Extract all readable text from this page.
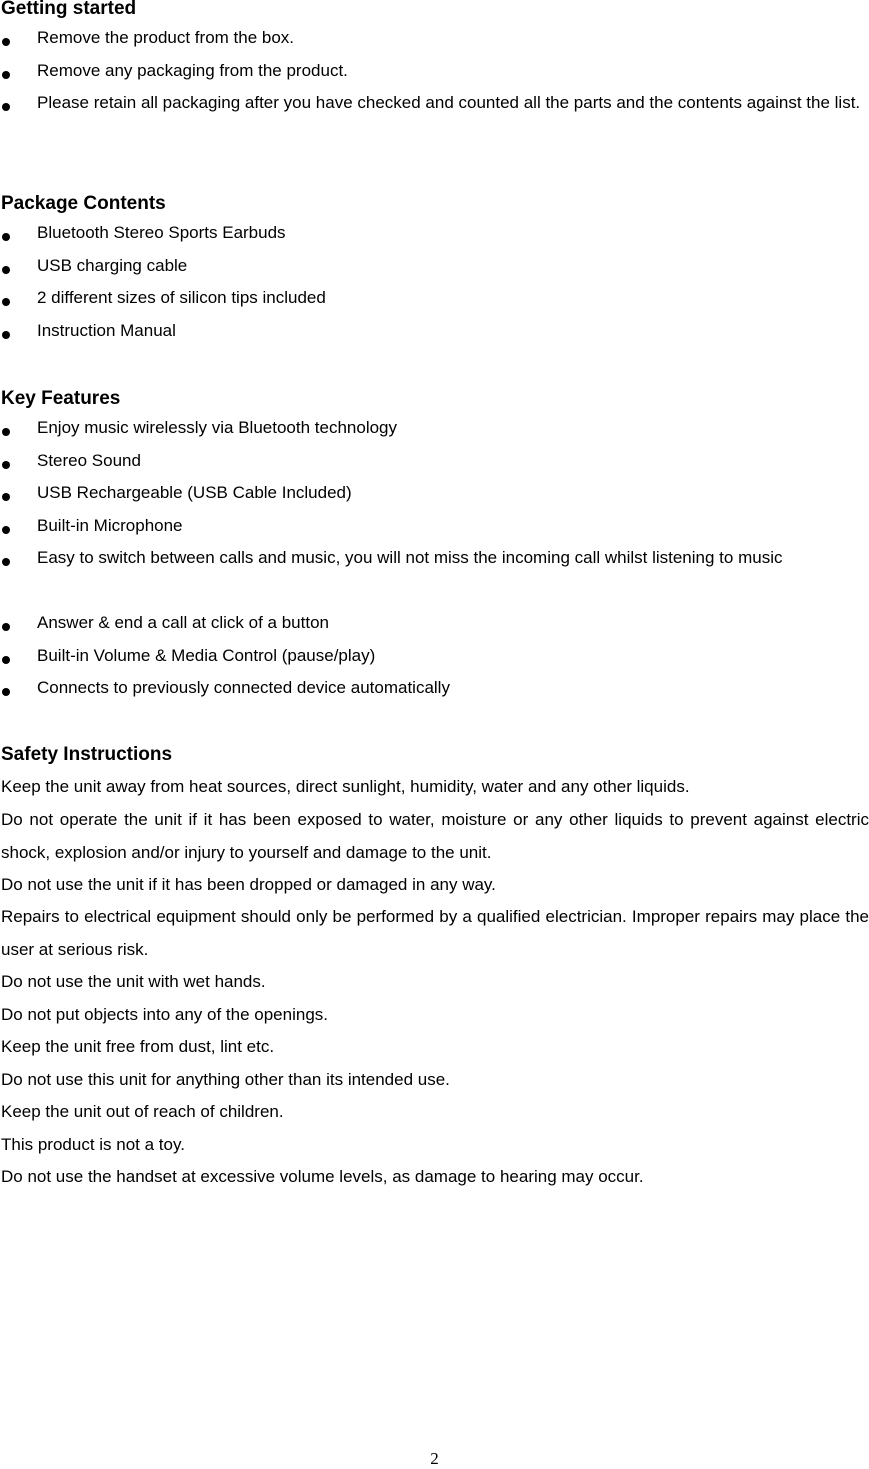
Getting started
Remove the product from the box.
Remove any packaging from the product.
Please retain all packaging after you have checked and counted all the parts and the contents against the list.
Package Contents
Bluetooth Stereo Sports Earbuds
USB charging cable
2 different sizes of silicon tips included
Instruction Manual
Key Features
Enjoy music wirelessly via Bluetooth technology
Stereo Sound
USB Rechargeable (USB Cable Included)
Built-in Microphone
Easy to switch between calls and music, you will not miss the incoming call whilst listening to music
Answer & end a call at click of a button
Built-in Volume & Media Control (pause/play)
Connects to previously connected device automatically
Safety Instructions
Keep the unit away from heat sources, direct sunlight, humidity, water and any other liquids.
Do not operate the unit if it has been exposed to water, moisture or any other liquids to prevent against electric shock, explosion and/or injury to yourself and damage to the unit.
Do not use the unit if it has been dropped or damaged in any way.
Repairs to electrical equipment should only be performed by a qualified electrician. Improper repairs may place the user at serious risk.
Do not use the unit with wet hands.
Do not put objects into any of the openings.
Keep the unit free from dust, lint etc.
Do not use this unit for anything other than its intended use.
Keep the unit out of reach of children.
This product is not a toy.
Do not use the handset at excessive volume levels, as damage to hearing may occur.
2
